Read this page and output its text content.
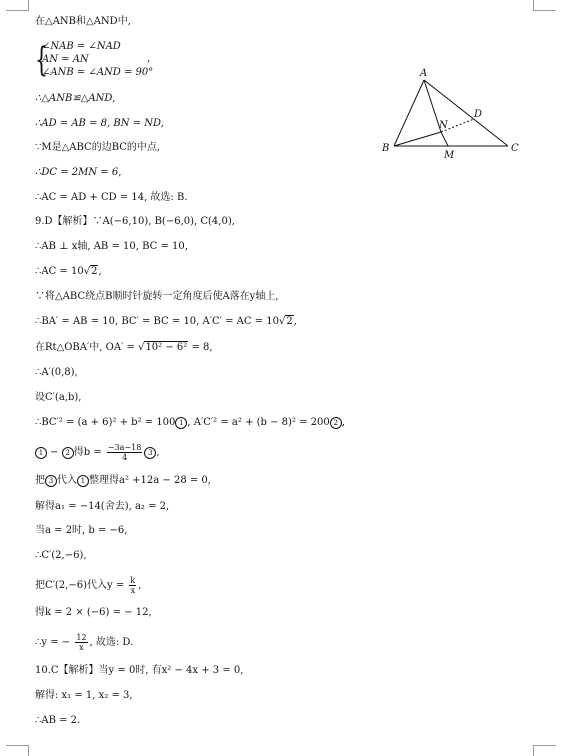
在△ANB和△AND中,
{
∠NAB = ∠NAD
AN = AN
∠ANB = ∠AND = 90°
,
∴△ANB≌△AND,
∴AD = AB = 8, BN = ND,
∵M是△ABC的边BC的中点,
∴DC = 2MN = 6,
∴AC = AD + CD = 14, 故选: B.
9.D【解析】∵A(−6,10), B(−6,0), C(4,0),
∴AB ⊥ x轴, AB = 10, BC = 10,
∴AC = 10√2,
∵将△ABC绕点B顺时针旋转一定角度后使A落在y轴上,
∴BA′ = AB = 10, BC′ = BC = 10, A′C′ = AC = 10√2,
在Rt△OBA′中, OA′ = √10² − 6² = 8,
∴A′(0,8),
设C′(a,b),
∴BC′² = (a + 6)² + b² = 100 1 , A′C′² = a² + (b − 8)² = 200 2 ,
1 − 2 得$b = \frac{-3a-18}{4} 3$ ,
把 3 代入 1 整理得a² +12a − 28 = 0,
解得a₁ = −14(舍去), a₂ = 2,
当a = 2时, b = −6,
∴C′(2,−6),
把C′(2,−6)代入$y = \frac{k}{x}$ ,
得k = 2 × (−6) = − 12,
∴y = − $\frac{12}{x}$ , 故选: D.
10.C【解析】当y = 0时, 有x² − 4x + 3 = 0,
解得: x₁ = 1, x₂ = 3,
∴AB = 2.
A
B	C
D
N
M
